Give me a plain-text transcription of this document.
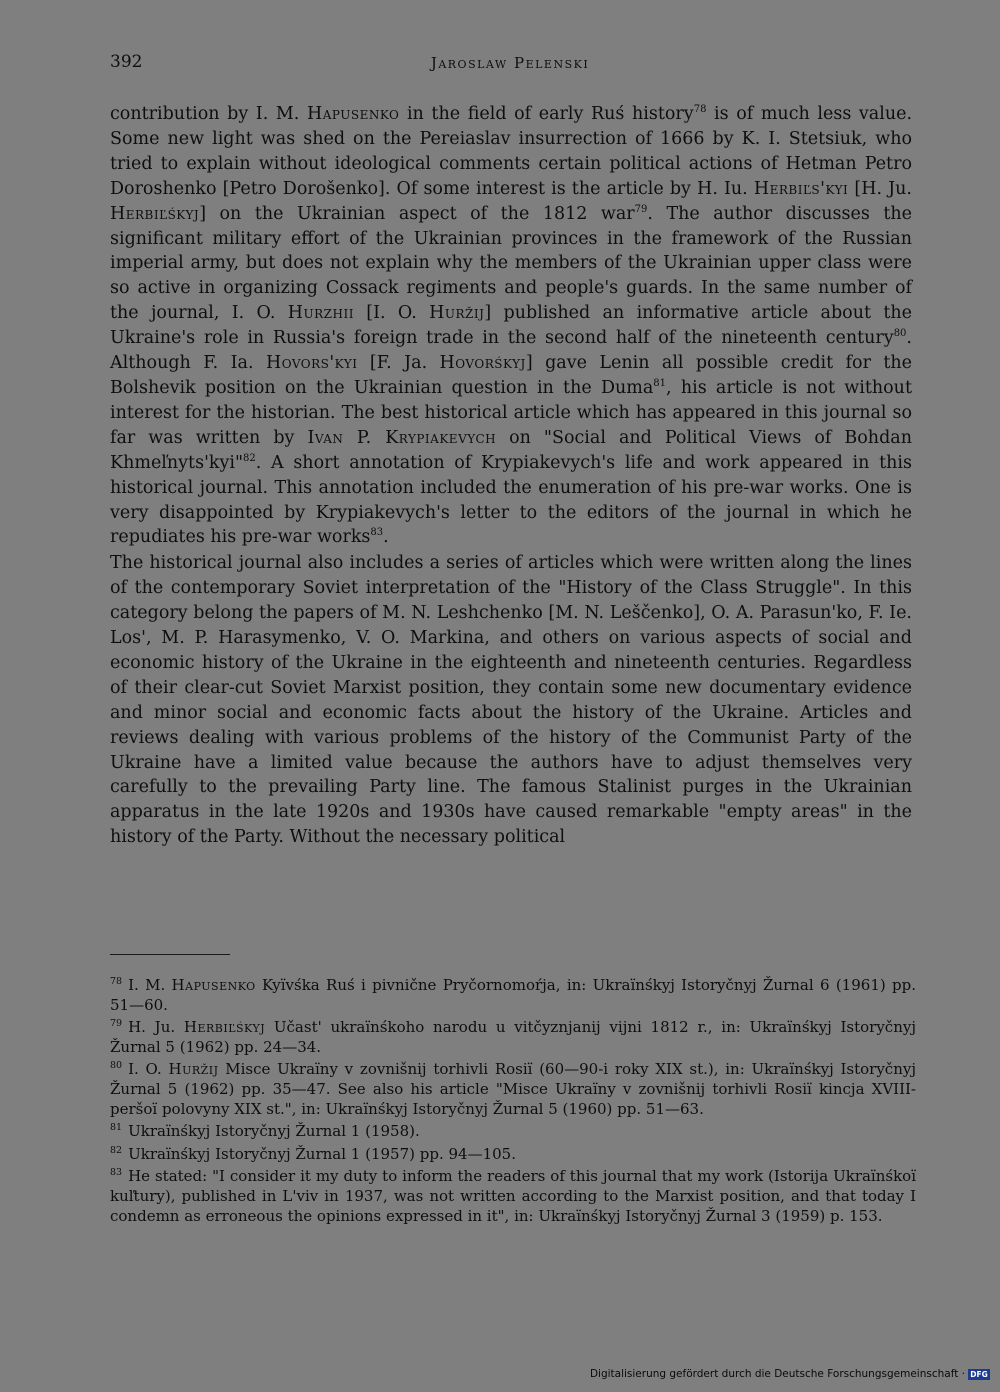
392	Jaroslaw Pelenski

contribution by I. M. Hapusenko in the field of early Ruś history$^{78}$ is of much less value. Some new light was shed on the Pereiaslav insurrection of 1666 by K. I. Stetsiuk, who tried to explain without ideological comments certain political actions of Hetman Petro Doroshenko [Petro Dorošenko]. Of some interest is the article by H. Iu. Herbiľs'kyi [H. Ju. Herbiľśkyj] on the Ukrainian aspect of the 1812 war$^{79}$. The author discusses the significant military effort of the Ukrainian provinces in the framework of the Russian imperial army, but does not explain why the members of the Ukrainian upper class were so active in organizing Cossack regiments and people's guards. In the same number of the journal, I. O. Hurzhii [I. O. Huržij] published an informative article about the Ukraine's role in Russia's foreign trade in the second half of the nineteenth century$^{80}$. Although F. Ia. Hovors'kyi [F. Ja. Hovorśkyj] gave Lenin all possible credit for the Bolshevik position on the Ukrainian question in the Duma$^{81}$, his article is not without interest for the historian. The best historical article which has appeared in this journal so far was written by Ivan P. Krypiakevych on "Social and Political Views of Bohdan Khmeľnyts'kyi"$^{82}$. A short annotation of Krypiakevych's life and work appeared in this historical journal. This annotation included the enumeration of his pre-war works. One is very disappointed by Krypiakevych's letter to the editors of the journal in which he repudiates his pre-war works$^{83}$.

The historical journal also includes a series of articles which were written along the lines of the contemporary Soviet interpretation of the "History of the Class Struggle". In this category belong the papers of M. N. Leshchenko [M. N. Leščenko], O. A. Parasun'ko, F. Ie. Los', M. P. Harasymenko, V. O. Markina, and others on various aspects of social and economic history of the Ukraine in the eighteenth and nineteenth centuries. Regardless of their clear-cut Soviet Marxist position, they contain some new documentary evidence and minor social and economic facts about the history of the Ukraine. Articles and reviews dealing with various problems of the history of the Communist Party of the Ukraine have a limited value because the authors have to adjust themselves very carefully to the prevailing Party line. The famous Stalinist purges in the Ukrainian apparatus in the late 1920s and 1930s have caused remarkable "empty areas" in the history of the Party. Without the necessary political

$^{78}$ I. M. Hapusenko Kyïvśka Ruś i pivnične Pryčornomoŕja, in: Ukraïnśkyj Istoryčnyj Žurnal 6 (1961) pp. 51—60.

$^{79}$ H. Ju. Herbiľśkyj Učast' ukraïnśkoho narodu u vitčyznjanij vijni 1812 r., in: Ukraïnśkyj Istoryčnyj Žurnal 5 (1962) pp. 24—34.

$^{80}$ I. O. Huržij Misce Ukraïny v zovnišnij torhivli Rosiï (60—90-i roky XIX st.), in: Ukraïnśkyj Istoryčnyj Žurnal 5 (1962) pp. 35—47. See also his article "Misce Ukraïny v zovnišnij torhivli Rosiï kincja XVIII-peršoï polovyny XIX st.", in: Ukraïnśkyj Istoryčnyj Žurnal 5 (1960) pp. 51—63.

$^{81}$ Ukraïnśkyj Istoryčnyj Žurnal 1 (1958).

$^{82}$ Ukraïnśkyj Istoryčnyj Žurnal 1 (1957) pp. 94—105.

$^{83}$ He stated: "I consider it my duty to inform the readers of this journal that my work (Istorija Ukraïnśkoï kuľtury), published in L'viv in 1937, was not written according to the Marxist position, and that today I condemn as erroneous the opinions expressed in it", in: Ukraïnśkyj Istoryčnyj Žurnal 3 (1959) p. 153.

Digitalisierung gefördert durch die Deutsche Forschungsgemeinschaft · DFG
